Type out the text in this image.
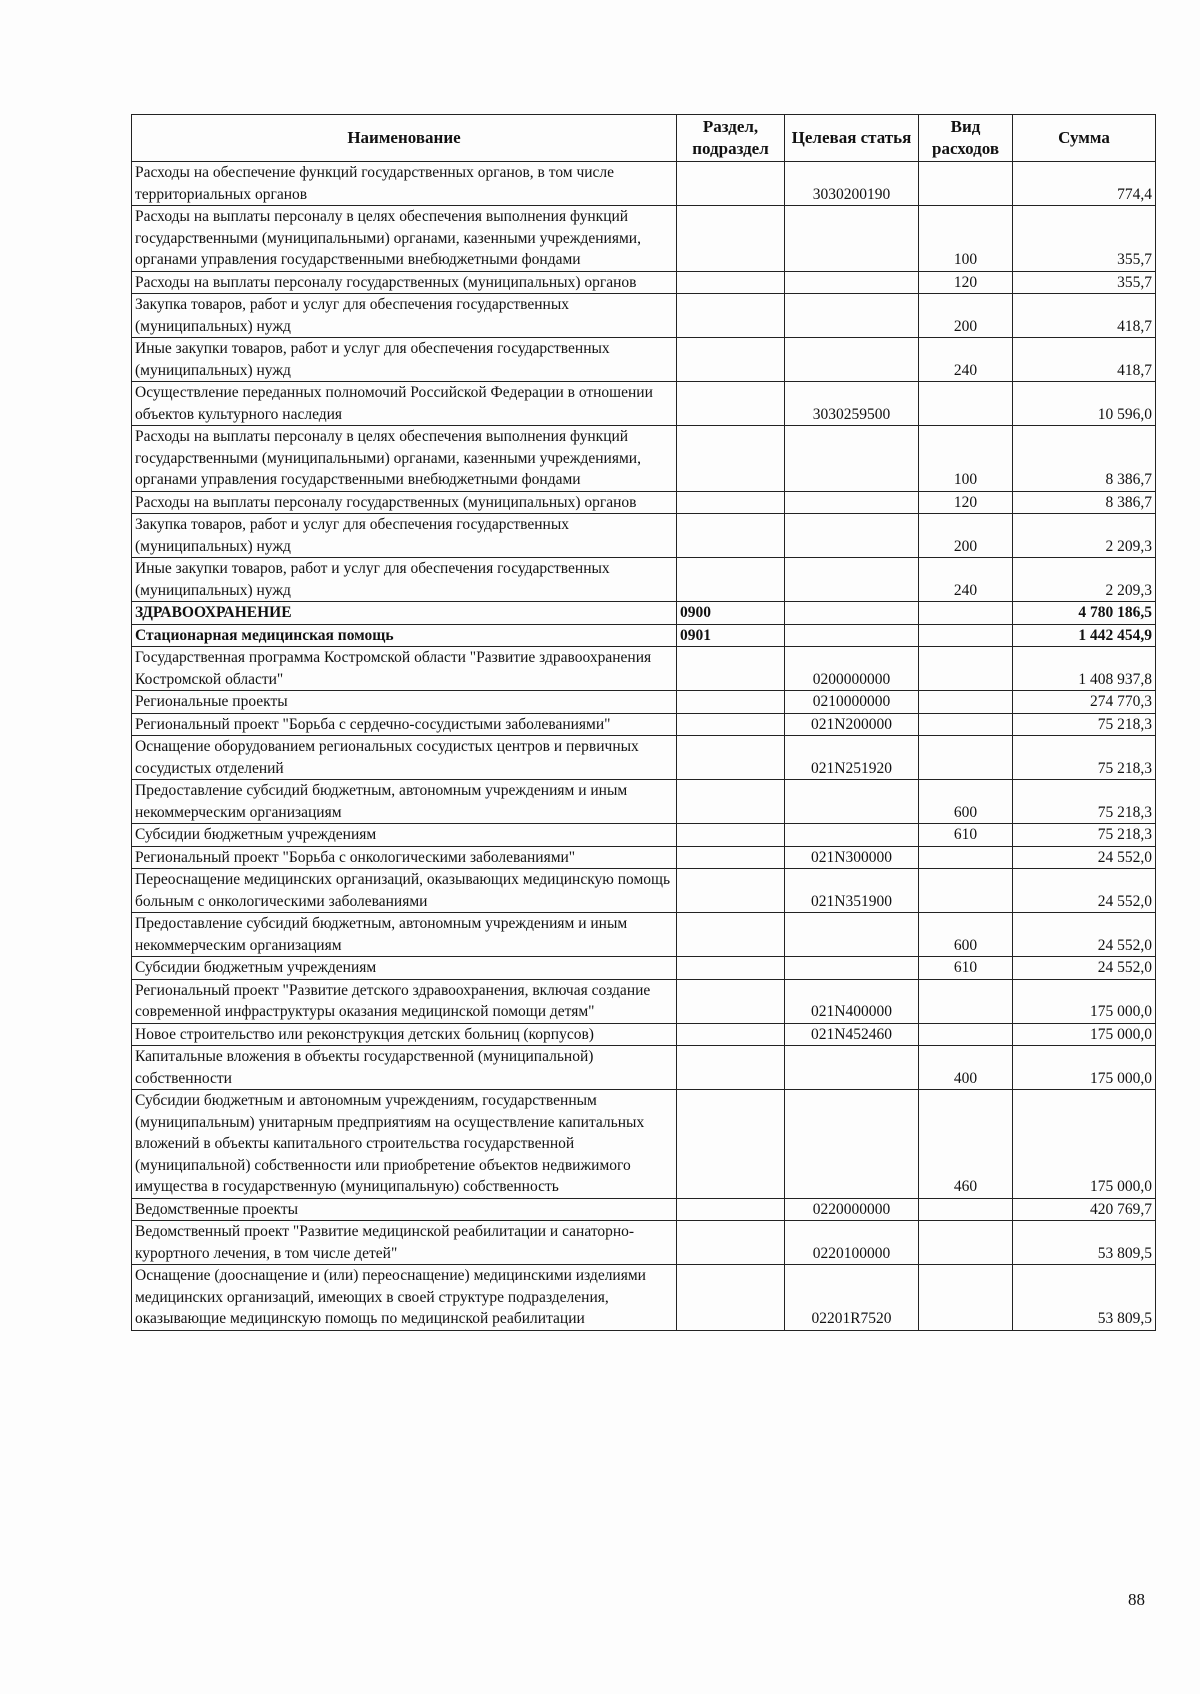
Наименование	Раздел, подраздел	Целевая статья	Вид расходов	Сумма
Расходы на обеспечение функций государственных органов, в том числе территориальных органов		3030200190		774,4
Расходы на выплаты персоналу в целях обеспечения выполнения функций государственными (муниципальными) органами, казенными учреждениями, органами управления государственными внебюджетными фондами			100	355,7
Расходы на выплаты персоналу государственных (муниципальных) органов			120	355,7
Закупка товаров, работ и услуг для обеспечения государственных (муниципальных) нужд			200	418,7
Иные закупки товаров, работ и услуг для обеспечения государственных (муниципальных) нужд			240	418,7
Осуществление переданных полномочий Российской Федерации в отношении объектов культурного наследия		3030259500		10 596,0
Расходы на выплаты персоналу в целях обеспечения выполнения функций государственными (муниципальными) органами, казенными учреждениями, органами управления государственными внебюджетными фондами			100	8 386,7
Расходы на выплаты персоналу государственных (муниципальных) органов			120	8 386,7
Закупка товаров, работ и услуг для обеспечения государственных (муниципальных) нужд			200	2 209,3
Иные закупки товаров, работ и услуг для обеспечения государственных (муниципальных) нужд			240	2 209,3
ЗДРАВООХРАНЕНИЕ	0900			4 780 186,5
Стационарная медицинская помощь	0901			1 442 454,9
Государственная программа Костромской области "Развитие здравоохранения Костромской области"		0200000000		1 408 937,8
Региональные проекты		0210000000		274 770,3
Региональный проект "Борьба с сердечно-сосудистыми заболеваниями"		021N200000		75 218,3
Оснащение оборудованием региональных сосудистых центров и первичных сосудистых отделений		021N251920		75 218,3
Предоставление субсидий бюджетным, автономным учреждениям и иным некоммерческим организациям			600	75 218,3
Субсидии бюджетным учреждениям			610	75 218,3
Региональный проект "Борьба с онкологическими заболеваниями"		021N300000		24 552,0
Переоснащение медицинских организаций, оказывающих медицинскую помощь больным с онкологическими заболеваниями		021N351900		24 552,0
Предоставление субсидий бюджетным, автономным учреждениям и иным некоммерческим организациям			600	24 552,0
Субсидии бюджетным учреждениям			610	24 552,0
Региональный проект "Развитие детского здравоохранения, включая создание современной инфраструктуры оказания медицинской помощи детям"		021N400000		175 000,0
Новое строительство или реконструкция детских больниц (корпусов)		021N452460		175 000,0
Капитальные вложения в объекты государственной (муниципальной) собственности			400	175 000,0
Субсидии бюджетным и автономным учреждениям, государственным (муниципальным) унитарным предприятиям на осуществление капитальных вложений в объекты капитального строительства государственной (муниципальной) собственности или приобретение объектов недвижимого имущества в государственную (муниципальную) собственность			460	175 000,0
Ведомственные проекты		0220000000		420 769,7
Ведомственный проект "Развитие медицинской реабилитации и санаторно-курортного лечения, в том числе детей"		0220100000		53 809,5
Оснащение (дооснащение и (или) переоснащение) медицинскими изделиями медицинских организаций, имеющих в своей структуре подразделения, оказывающие медицинскую помощь по медицинской реабилитации		02201R7520		53 809,5
88
